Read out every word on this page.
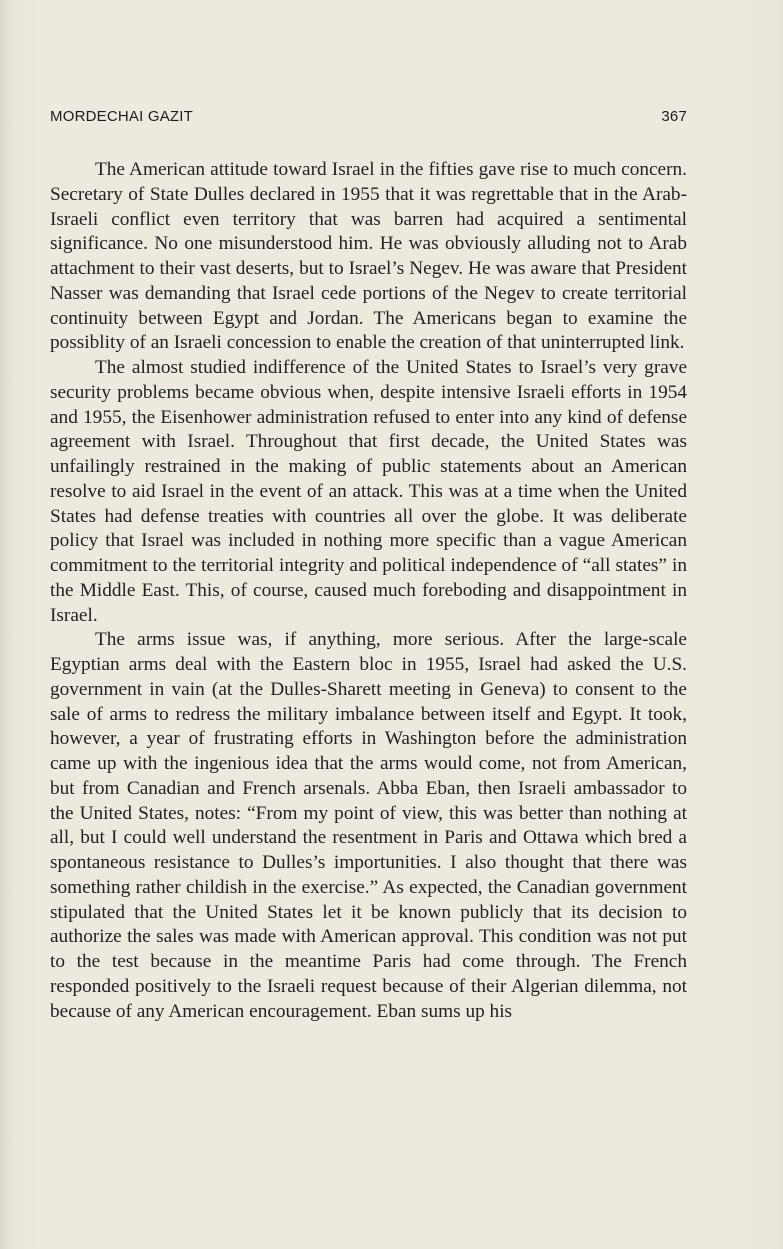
MORDECHAI GAZIT	367

The American attitude toward Israel in the fifties gave rise to much concern. Secretary of State Dulles declared in 1955 that it was regrettable that in the Arab-Israeli conflict even territory that was barren had acquired a sentimental significance. No one misunderstood him. He was obviously alluding not to Arab attachment to their vast deserts, but to Israel’s Negev. He was aware that President Nasser was demanding that Israel cede portions of the Negev to create territorial continuity between Egypt and Jordan. The Americans began to examine the possiblity of an Israeli concession to enable the creation of that uninterrupted link.

The almost studied indifference of the United States to Israel’s very grave security problems became obvious when, despite intensive Israeli efforts in 1954 and 1955, the Eisenhower administration refused to enter into any kind of defense agreement with Israel. Throughout that first decade, the United States was unfailingly restrained in the making of public statements about an American resolve to aid Israel in the event of an attack. This was at a time when the United States had defense treaties with countries all over the globe. It was deliberate policy that Israel was included in nothing more specific than a vague American commitment to the territorial integrity and political independence of “all states” in the Middle East. This, of course, caused much foreboding and disappointment in Israel.

The arms issue was, if anything, more serious. After the large-scale Egyptian arms deal with the Eastern bloc in 1955, Israel had asked the U.S. government in vain (at the Dulles-Sharett meeting in Geneva) to consent to the sale of arms to redress the military imbalance between itself and Egypt. It took, however, a year of frustrating efforts in Washington before the administration came up with the ingenious idea that the arms would come, not from American, but from Canadian and French arsenals. Abba Eban, then Israeli ambassador to the United States, notes: “From my point of view, this was better than nothing at all, but I could well understand the resentment in Paris and Ottawa which bred a spontaneous resistance to Dulles’s importunities. I also thought that there was something rather childish in the exercise.” As expected, the Canadian government stipulated that the United States let it be known publicly that its decision to authorize the sales was made with American approval. This condition was not put to the test because in the meantime Paris had come through. The French responded positively to the Israeli request because of their Algerian dilemma, not because of any American encouragement. Eban sums up his
